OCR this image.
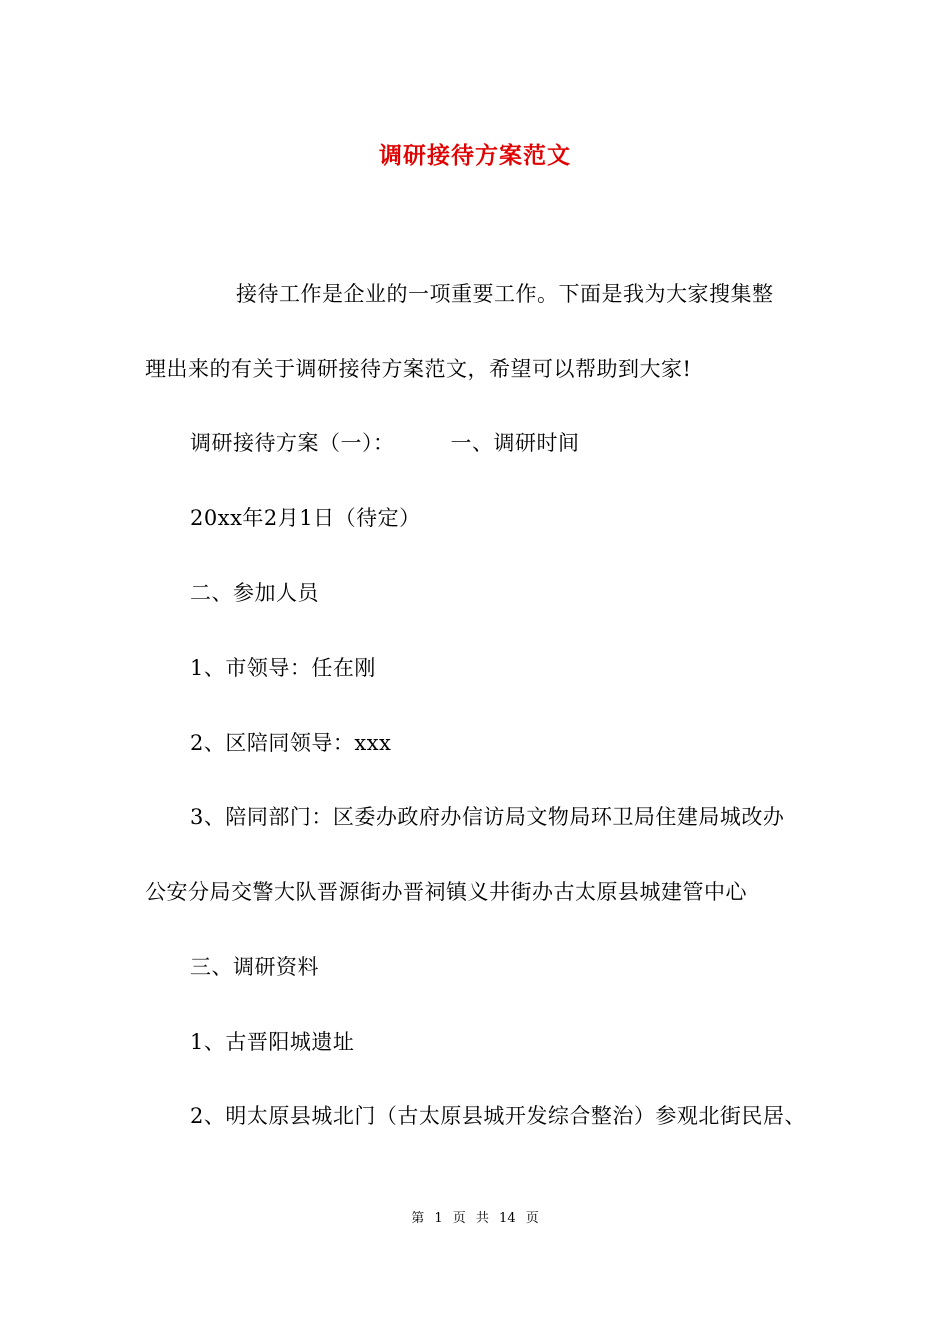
调研接待方案范文
接待工作是企业的一项重要工作。下面是我为大家搜集整
理出来的有关于调研接待方案范文，希望可以帮助到大家!
调研接待方案（一）：	一、调研时间
20xx年2月1日（待定）
二、参加人员
1、市领导：任在刚
2、区陪同领导：xxx
3、陪同部门：区委办政府办信访局文物局环卫局住建局城改办
公安分局交警大队晋源街办晋祠镇义井街办古太原县城建管中心
三、调研资料
1、古晋阳城遗址
2、明太原县城北门（古太原县城开发综合整治）参观北街民居、
第 1 页 共 14 页
